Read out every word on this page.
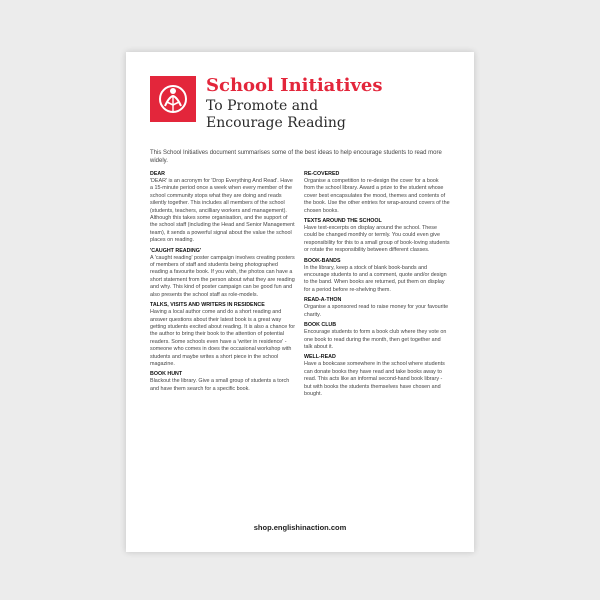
School Initiatives
To Promote and
Encourage Reading
This School Initiatives document summarises some of the best ideas to help encourage students to read more widely.
DEAR

'DEAR' is an acronym for 'Drop Everything And Read'. Have a 15-minute period once a week when every member of the school community stops what they are doing and reads silently together. This includes all members of the school (students, teachers, ancilliary workers and management). Although this takes some organisation, and the support of the school staff (including the Head and Senior Management team), it sends a powerful signal about the value the school places on reading.

'CAUGHT READING'

A 'caught reading' poster campaign involves creating posters of members of staff and students being photographed reading a favourite book. If you wish, the photos can have a short statement from the person about what they are reading and why. This kind of poster campaign can be good fun and also presents the school staff as role-models.

TALKS, VISITS AND WRITERS IN RESIDENCE

Having a local author come and do a short reading and answer questions about their latest book is a great way getting students excited about reading. It is also a chance for the author to bring their book to the attention of potential readers. Some schools even have a 'writer in residence' - someone who comes in does the occasional workshop with students and maybe writes a short piece in the school magazine.

BOOK HUNT

Blackout the library. Give a small group of students a torch and have them search for a specific book.

RE-COVERED

Organise a competition to re-design the cover for a book from the school library. Award a prize to the student whose cover best encapsulates the mood, themes and contents of the book. Use the other entries for wrap-around covers of the chosen books.

TEXTS AROUND THE SCHOOL

Have text-excerpts on display around the school. These could be changed monthly or termly. You could even give responsibility for this to a small group of book-loving students or rotate the responsibility between different classes.

BOOK-BANDS

In the library, keep a stock of blank book-bands and encourage students to and a comment, quote and/or design to the band. When books are returned, put them on display for a period before re-shelving them.

READ-A-THON

Organise a sponsored read to raise money for your favourite charity.

BOOK CLUB

Encourage students to form a book club where they vote on one book to read during the month, then get together and talk about it.

WELL-READ

Have a bookcase somewhere in the school where students can donate books they have read and take books away to read. This acts like an informal second-hand book library - but with books the students themselves have chosen and bought.

shop.englishinaction.com
